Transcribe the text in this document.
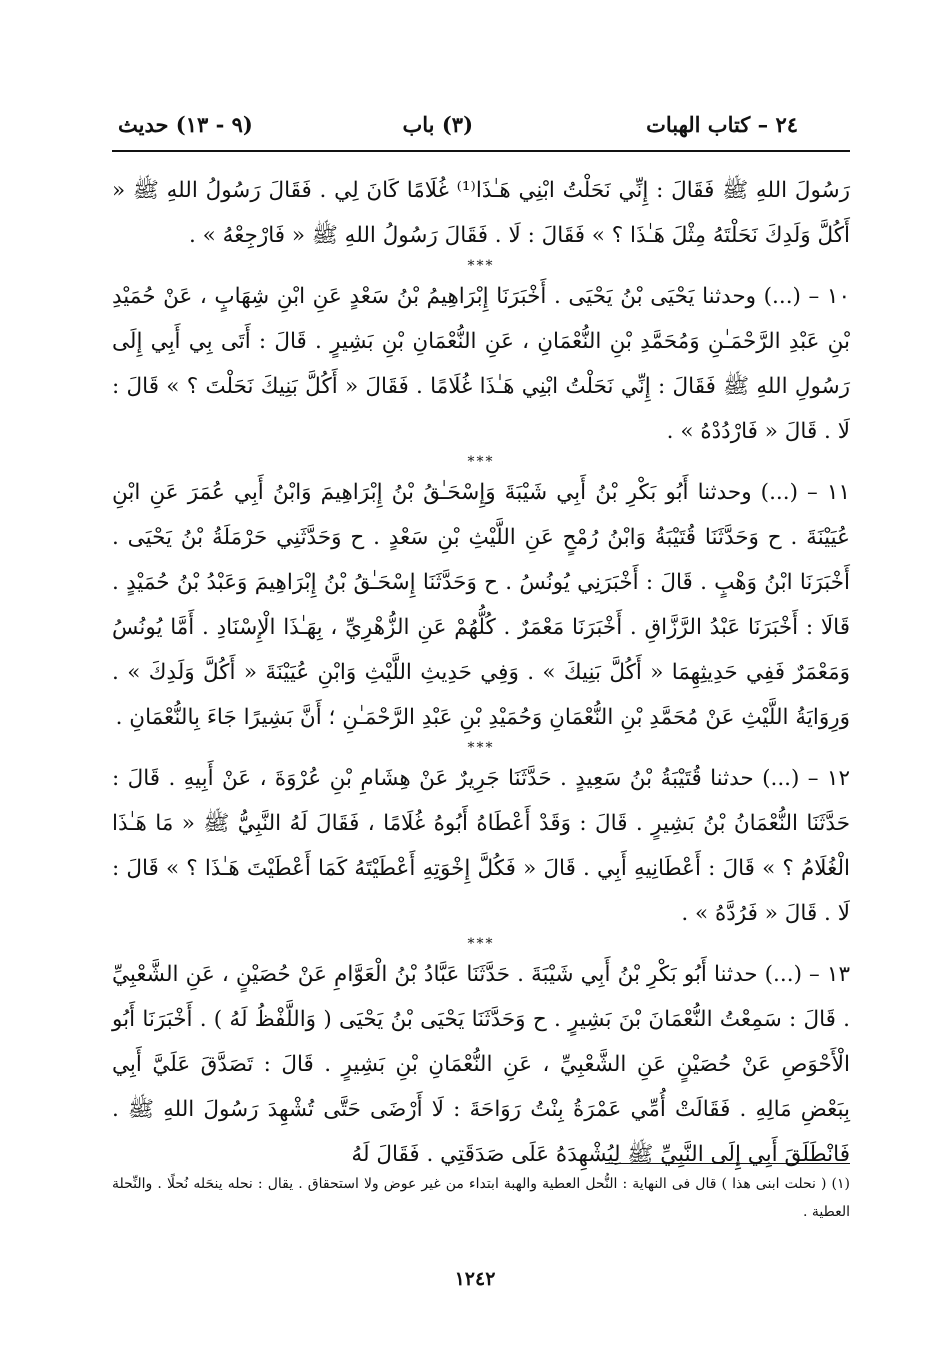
٢٤ – كتاب الهبات
(٣) باب
(٩ - ١٣) حديث

رَسُولَ اللهِ ﷺ فَقَالَ : إِنِّي نَحَلْتُ ابْنِي هَـٰذَا⁽¹⁾ غُلَامًا كَانَ لِي . فَقَالَ رَسُولُ اللهِ ﷺ « أَكُلَّ وَلَدِكَ نَحَلْتَهُ مِثْلَ هَـٰذَا ؟ » فَقَالَ : لَا . فَقَالَ رَسُولُ اللهِ ﷺ « فَارْجِعْهُ » .

***

١٠ – (...) وحدثنا يَحْيَى بْنُ يَحْيَى . أَخْبَرَنَا إِبْرَاهِيمُ بْنُ سَعْدٍ عَنِ ابْنِ شِهَابٍ ، عَنْ حُمَيْدِ بْنِ عَبْدِ الرَّحْمَـٰنِ وَمُحَمَّدِ بْنِ النُّعْمَانِ ، عَنِ النُّعْمَانِ بْنِ بَشِيرٍ . قَالَ : أَتَى بِي أَبِي إِلَى رَسُولِ اللهِ ﷺ فَقَالَ : إِنِّي نَحَلْتُ ابْنِي هَـٰذَا غُلَامًا . فَقَالَ « أَكُلَّ بَنِيكَ نَحَلْتَ ؟ » قَالَ : لَا . قَالَ « فَارْدُدْهُ » .

***

١١ – (...) وحدثنا أَبُو بَكْرِ بْنُ أَبِي شَيْبَةَ وَإِسْحَـٰقُ بْنُ إِبْرَاهِيمَ وَابْنُ أَبِي عُمَرَ عَنِ ابْنِ عُيَيْنَةَ . ح وَحَدَّثَنَا قُتَيْبَةُ وَابْنُ رُمْحٍ عَنِ اللَّيْثِ بْنِ سَعْدٍ . ح وَحَدَّثَنِي حَرْمَلَةُ بْنُ يَحْيَى . أَخْبَرَنَا ابْنُ وَهْبٍ . قَالَ : أَخْبَرَنِي يُونُسُ . ح وَحَدَّثَنَا إِسْحَـٰقُ بْنُ إِبْرَاهِيمَ وَعَبْدُ بْنُ حُمَيْدٍ . قَالَا : أَخْبَرَنَا عَبْدُ الرَّزَّاقِ . أَخْبَرَنَا مَعْمَرٌ . كُلُّهُمْ عَنِ الزُّهْرِيِّ ، بِهَـٰذَا الْإِسْنَادِ . أَمَّا يُونُسُ وَمَعْمَرٌ فَفِي حَدِيثِهِمَا « أَكُلَّ بَنِيكَ » . وَفِي حَدِيثِ اللَّيْثِ وَابْنِ عُيَيْنَةَ « أَكُلَّ وَلَدِكَ » . وَرِوَايَةُ اللَّيْثِ عَنْ مُحَمَّدِ بْنِ النُّعْمَانِ وَحُمَيْدِ بْنِ عَبْدِ الرَّحْمَـٰنِ ؛ أَنَّ بَشِيرًا جَاءَ بِالنُّعْمَانِ .

***

١٢ – (...) حدثنا قُتَيْبَةُ بْنُ سَعِيدٍ . حَدَّثَنَا جَرِيرٌ عَنْ هِشَامِ بْنِ عُرْوَةَ ، عَنْ أَبِيهِ . قَالَ : حَدَّثَنَا النُّعْمَانُ بْنُ بَشِيرٍ . قَالَ : وَقَدْ أَعْطَاهُ أَبُوهُ غُلَامًا ، فَقَالَ لَهُ النَّبِيُّ ﷺ « مَا هَـٰذَا الْغُلَامُ ؟ » قَالَ : أَعْطَانِيهِ أَبِي . قَالَ « فَكُلَّ إِخْوَتِهِ أَعْطَيْتَهُ كَمَا أَعْطَيْتَ هَـٰذَا ؟ » قَالَ : لَا . قَالَ « فَرُدَّهُ » .

***

١٣ – (...) حدثنا أَبُو بَكْرِ بْنُ أَبِي شَيْبَةَ . حَدَّثَنَا عَبَّادُ بْنُ الْعَوَّامِ عَنْ حُصَيْنٍ ، عَنِ الشَّعْبِيِّ . قَالَ : سَمِعْتُ النُّعْمَانَ بْنَ بَشِيرٍ . ح وَحَدَّثَنَا يَحْيَى بْنُ يَحْيَى ( وَاللَّفْظُ لَهُ ) . أَخْبَرَنَا أَبُو الْأَحْوَصِ عَنْ حُصَيْنٍ عَنِ الشَّعْبِيِّ ، عَنِ النُّعْمَانِ بْنِ بَشِيرٍ . قَالَ : تَصَدَّقَ عَلَيَّ أَبِي بِبَعْضِ مَالِهِ . فَقَالَتْ أُمِّي عَمْرَةُ بِنْتُ رَوَاحَةَ : لَا أَرْضَى حَتَّى تُشْهِدَ رَسُولَ اللهِ ﷺ . فَانْطَلَقَ أَبِي إِلَى النَّبِيِّ ﷺ لِيُشْهِدَهُ عَلَى صَدَقَتِي . فَقَالَ لَهُ

(١) ( نحلت ابنى هذا ) قال فى النهاية : النُّحل العطية والهبة ابتداء من غير عوض ولا استحقاق . يقال : نحله ينحَله نُحلًا . والنِّحلة العطية .

١٢٤٢
